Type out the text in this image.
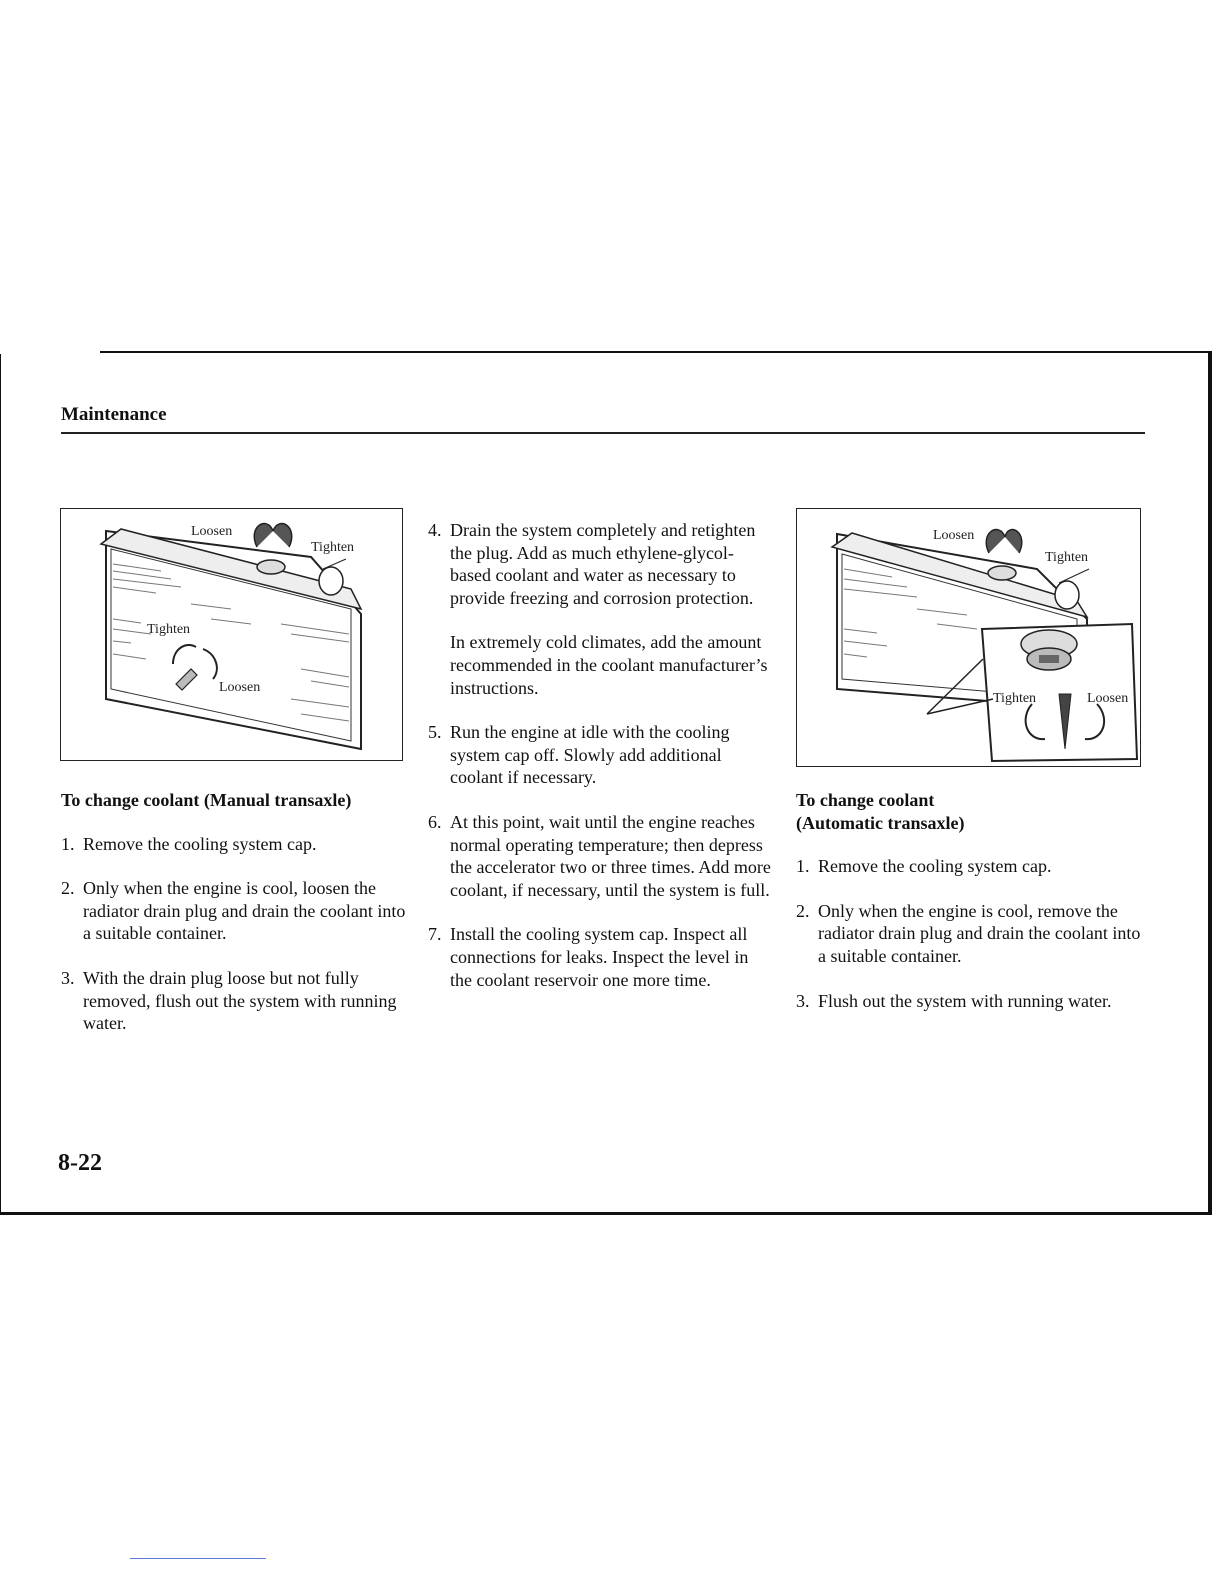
Maintenance
Loosen
Tighten
Tighten
Loosen
Loosen
Tighten
Tighten	Loosen
To change coolant (Manual transaxle)
1. Remove the cooling system cap.
2. Only when the engine is cool, loosen the radiator drain plug and drain the coolant into a suitable container.
3. With the drain plug loose but not fully removed, flush out the system with running water.
4. Drain the system completely and retighten the plug. Add as much ethylene-glycol-based coolant and water as necessary to provide freezing and corrosion protection.
In extremely cold climates, add the amount recommended in the coolant manufacturer’s instructions.
5. Run the engine at idle with the cooling system cap off. Slowly add additional coolant if necessary.
6. At this point, wait until the engine reaches normal operating temperature; then depress the accelerator two or three times. Add more coolant, if necessary, until the system is full.
7. Install the cooling system cap. Inspect all connections for leaks. Inspect the level in the coolant reservoir one more time.
To change coolant
(Automatic transaxle)
1. Remove the cooling system cap.
2. Only when the engine is cool, remove the radiator drain plug and drain the coolant into a suitable container.
3. Flush out the system with running water.
8-22
